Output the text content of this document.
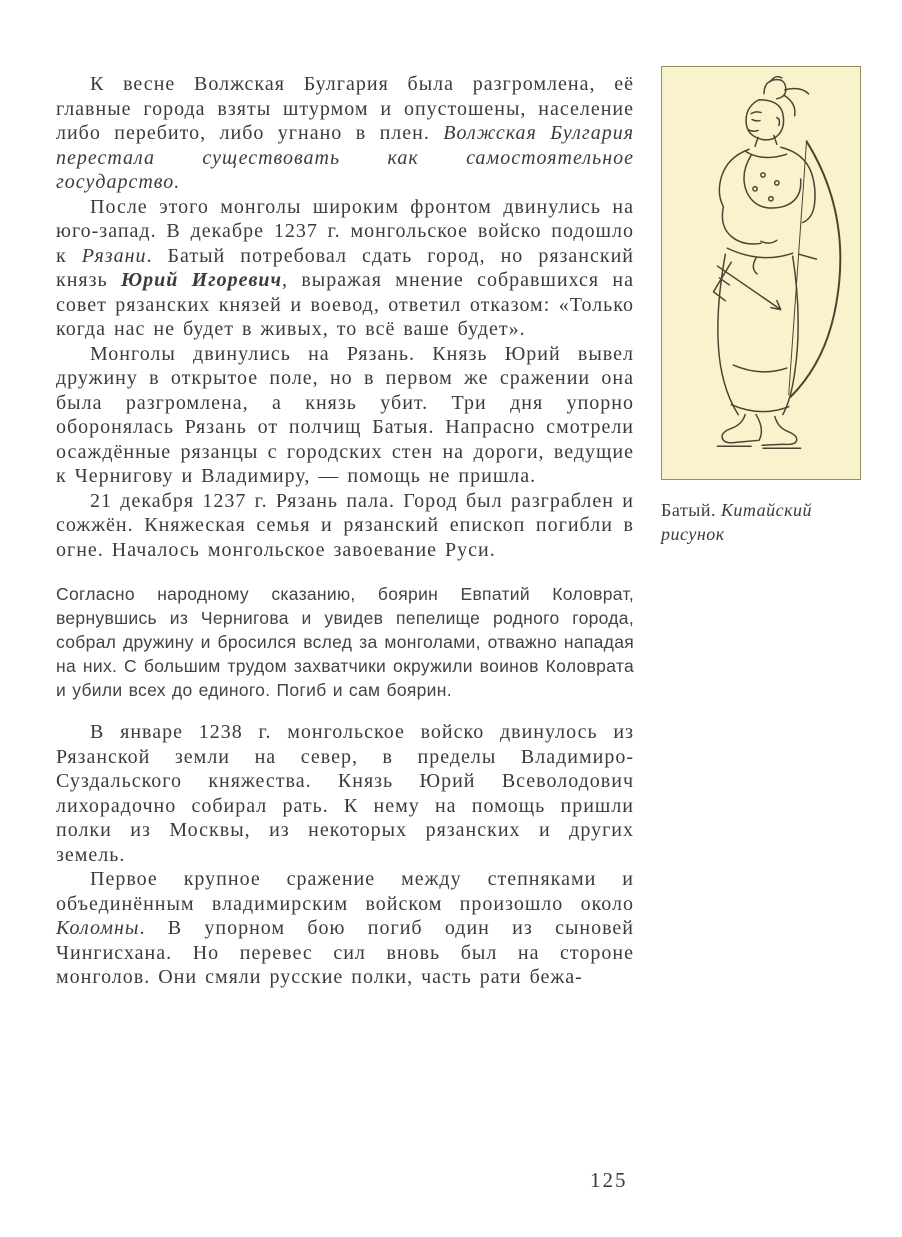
К весне Волжская Булгария была разгромлена, её главные города взяты штурмом и опустошены, население либо перебито, либо угнано в плен. Волжская Булгария перестала существовать как самостоятельное государство.

После этого монголы широким фронтом двинулись на юго-запад. В декабре 1237 г. монгольское войско подошло к Рязани. Батый потребовал сдать город, но рязанский князь Юрий Игоревич, выражая мнение собравшихся на совет рязанских князей и воевод, ответил отказом: «Только когда нас не будет в живых, то всё ваше будет».

Монголы двинулись на Рязань. Князь Юрий вывел дружину в открытое поле, но в первом же сражении она была разгромлена, а князь убит. Три дня упорно оборонялась Рязань от полчищ Батыя. Напрасно смотрели осаждённые рязанцы с городских стен на дороги, ведущие к Чернигову и Владимиру, — помощь не пришла.

21 декабря 1237 г. Рязань пала. Город был разграблен и сожжён. Княжеская семья и рязанский епископ погибли в огне. Началось монгольское завоевание Руси.

Согласно народному сказанию, боярин Евпатий Коловрат, вернувшись из Чернигова и увидев пепелище родного города, собрал дружину и бросился вслед за монголами, отважно нападая на них. С большим трудом захватчики окружили воинов Коловрата и убили всех до единого. Погиб и сам боярин.

В январе 1238 г. монгольское войско двинулось из Рязанской земли на север, в пределы Владимиро-Суздальского княжества. Князь Юрий Всеволодович лихорадочно собирал рать. К нему на помощь пришли полки из Москвы, из некоторых рязанских и других земель.

Первое крупное сражение между степняками и объединённым владимирским войском произошло около Коломны. В упорном бою погиб один из сыновей Чингисхана. Но перевес сил вновь был на стороне монголов. Они смяли русские полки, часть рати бежа-

Батый. Китайский рисунок
125
